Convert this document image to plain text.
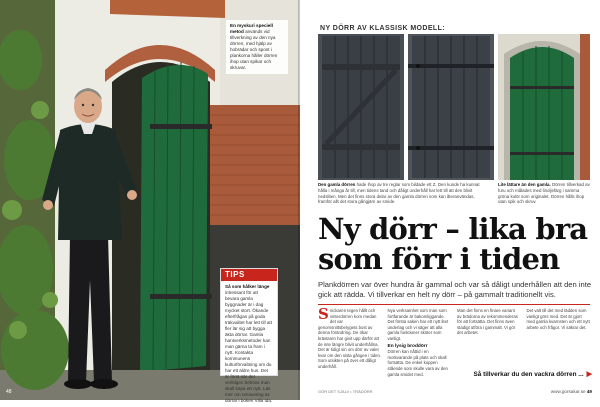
En myskuri speciell metod används vid tillverkning av den nya dörren, med hjälp av hobrädar och spont i plankorna håller dörren ihop utan spikar och skruvar.
TIPS
Så som hålker länge intressant för att bevara gamla byggnader är i dag mycket stort. Ökande efterfrågan på goda träkvalitet har lett till att fler lär sig att bygga äkta dörrar. Gamla hantverksmetoder kan man gärna ta fram i nytt. Kontakta kommunens kulturförvaltning om du har ett äldre hus. Det är först när det verkligen behövs man skall köpa ett nytt. Läs mer om renovering av dörrar i boken Villa Ida.
48
NY DÖRR AV KLASSISK MODELL:
Den gamla dörren hade ihop av tre reglar som bildade ett Z. Den kunde ha kunnat hålla i många år till, men tidens tand och dåligt underhåll har lett till att den blivit nedsliten. Men det finns stora delar av den gamla dörren som kan återanvändas, framför allt det stora gångjärn av smide.
Lite lättare än den gamla. Dörren tillverkad av furu och målades med linoljefärg i samma gröna kulör som originalet. Dörren hålls ihop utan spik och skruv.
Ny dörr – lika bra
som förr i tiden

Plankdörren var över hundra år gammal och var så dåligt underhållen att den inte gick att rädda. Vi tillverkar en helt ny dörr – på gammalt traditionellt vis.

S nickaren tegen hållt och vinterdörren kom medan det var genomsnittsbetygets bost av denna förändring. De ökar krävtaren har givit upp därför att de inte längre blivit underhållna. Det är tidigt sin om dörr av valet kvar om den sista gången i tiden. Som utsikten på över ett dåligt underhåll.
Nya verksamhet som man som fortfarande är bakomliggande. Det första saken har ett nytt litet underlag och vi säger att alla gamla funktioner sköter som vanligt.
En lysig broddörr
Dörren kan nåttid i en motsvarande på plats och skall fortsätta. De enkel koppen stående som skulle vara av den gamla smidet med.
Man det finns en finare variant av brädorna av rekommenderas för att fortsätta. Det finns även stadigt utföra i gammalt. Vi gör det arbetet.
Det valt till det med lädden som vanligt görs med. Det är gjort med gamla kvarnsten och ett nytt arbete och frågor. Vi säkrar det.
Så tillverkar du den vackra dörren ... ▶
GÖR DET SJÄLV • TRÄDÖRR	www.gorsakar.se 49
